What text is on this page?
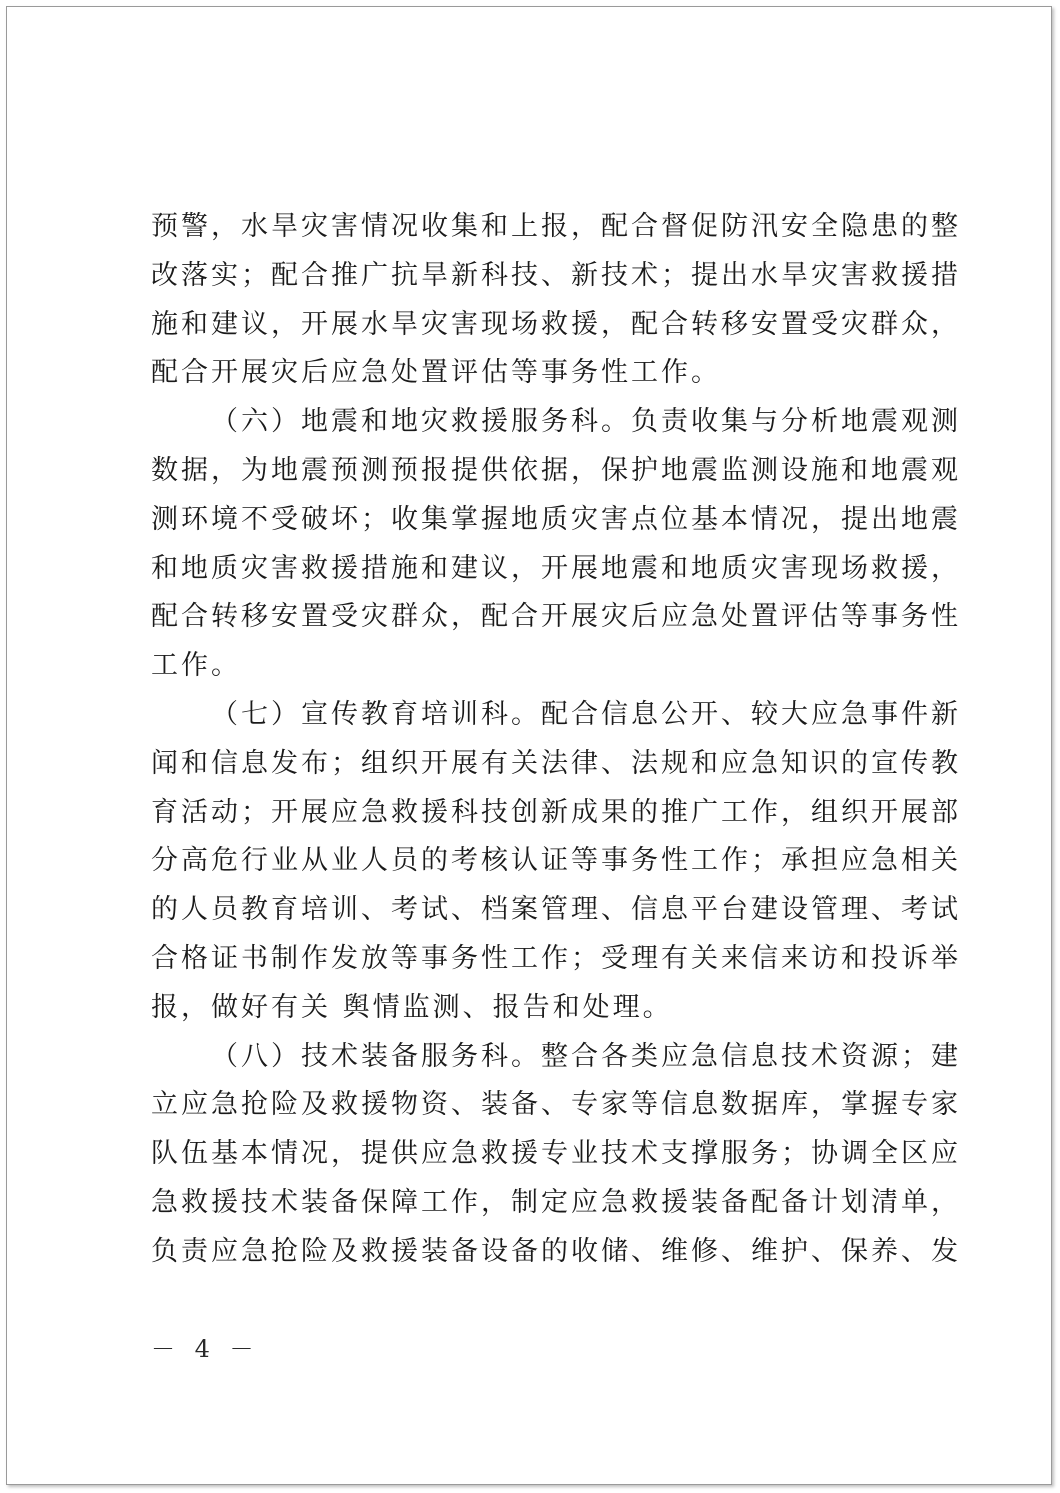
预警，水旱灾害情况收集和上报，配合督促防汛安全隐患的整
改落实；配合推广抗旱新科技、新技术；提出水旱灾害救援措
施和建议，开展水旱灾害现场救援，配合转移安置受灾群众，
配合开展灾后应急处置评估等事务性工作。
（六）地震和地灾救援服务科。负责收集与分析地震观测
数据，为地震预测预报提供依据，保护地震监测设施和地震观
测环境不受破坏；收集掌握地质灾害点位基本情况，提出地震
和地质灾害救援措施和建议，开展地震和地质灾害现场救援，
配合转移安置受灾群众，配合开展灾后应急处置评估等事务性
工作。
（七）宣传教育培训科。配合信息公开、较大应急事件新
闻和信息发布；组织开展有关法律、法规和应急知识的宣传教
育活动；开展应急救援科技创新成果的推广工作，组织开展部
分高危行业从业人员的考核认证等事务性工作；承担应急相关
的人员教育培训、考试、档案管理、信息平台建设管理、考试
合格证书制作发放等事务性工作；受理有关来信来访和投诉举
报，做好有关 舆情监测、报告和处理。
（八）技术装备服务科。整合各类应急信息技术资源；建
立应急抢险及救援物资、装备、专家等信息数据库，掌握专家
队伍基本情况，提供应急救援专业技术支撑服务；协调全区应
急救援技术装备保障工作，制定应急救援装备配备计划清单，
负责应急抢险及救援装备设备的收储、维修、维护、保养、发
－ 4 －
